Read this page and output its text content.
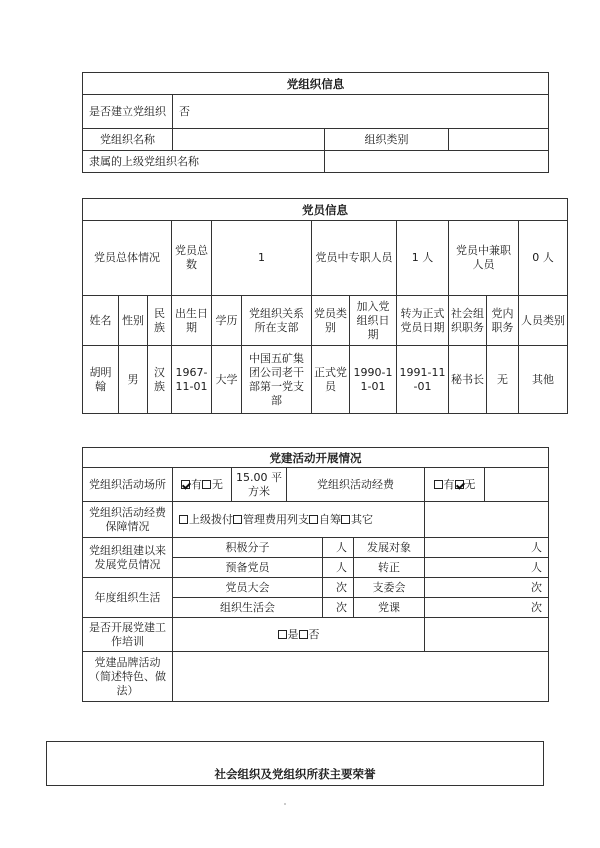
党组织信息			
是否建立党组织	否		
党组织名称		组织类别	
隶属的上级党组织名称			
党员信息											
党员总体情况			党员总数	1		党员中专职人员		1 人	党员中兼职人员		0 人
姓名	性别	民族	出生日期	学历	党组织关系所在支部	党员类别	加入党组织日期	转为正式党员日期	社会组织职务	党内职务	人员类别
胡明翰	男	汉族	1967-11-01	大学	中国五矿集团公司老干部第一党支部	正式党员	1990-11-01	1991-11-01	秘书长	无	其他
党建活动开展情况							
党组织活动场所	有 无	15.00 平方米	党组织活动经费			有 无	
党组织活动经费保障情况	上级拨付 管理费用列支 自筹 其它						
党组织组建以来发展党员情况	积极分子			人	发展对象	人	
	预备党员			人	转正	人	
年度组织生活	党员大会			次	支委会	次	
	组织生活会			次	党课	次	
是否开展党建工作培训	是 否						
党建品牌活动（简述特色、做法）							
社会组织及党组织所获主要荣誉
